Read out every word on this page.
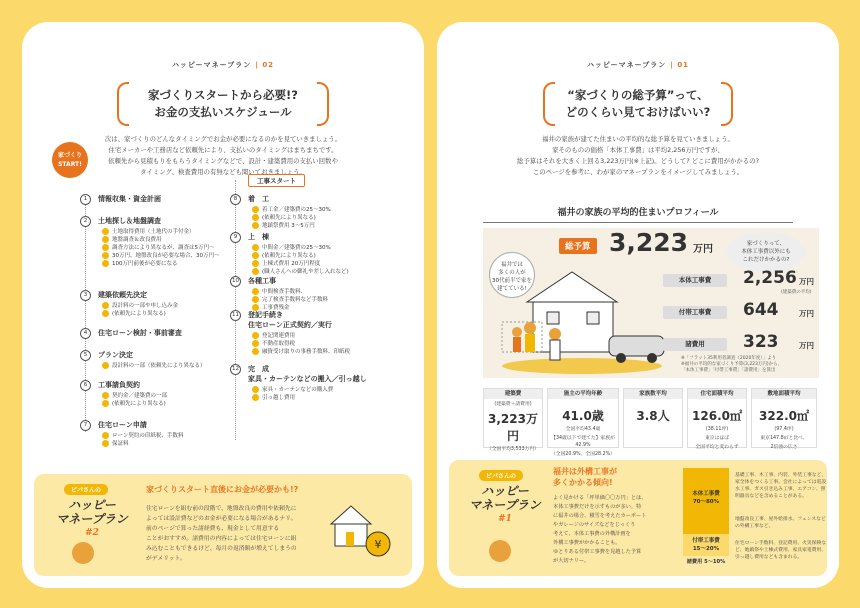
ハッピーマネープラン | 02
家づくりスタートから必要!?
お金の支払いスケジュール
次は、家づくりのどんなタイミングでお金が必要になるのかを見ていきましょう。
住宅メーカーや工務店など依頼先により、支払いのタイミングはまちまちです。
依頼先から見積もりをもらうタイミングなどで、設計・建築費用の支払い回数や
タイミング、検査費用の有無なども聞いておきましょう。
家づくり
START!
1	情報収集・資金計画
2	土地探し＆地盤調査
土地取得費用（土地代の手付金）
地盤調査＆改良費用
調査方法により異なるが、調査は5万円〜
30万円、地盤改良が必要な場合、30万円〜
100万円前後が必要になる
3	建築依頼先決定
設計料の一部や申し込み金
(依頼先により異なる)
4	住宅ローン検討・事前審査
5	プラン決定
設計料の一部（依頼先により異なる）
6	工事請負契約
契約金／建築費の一部
(依頼先により異なる)
7	住宅ローン申請
ローン契約の印紙税、手数料
保証料
工事スタート
8	着　工
着工金／建築費の25〜30%
(依頼先により異なる)
地鎮祭費用 3〜5万円
9	上　棟
中間金／建築費の25〜30%
(依頼先により異なる)
上棟式費用 20万円程度
(職人さんへの御礼や差し入れなど)
10 各種工事
中間検査手数料、
完了検査手数料など手数料
工事費残金
11 登記手続き
住宅ローン正式契約／実行
登記関連費用
不動産取得税
融資受け取りの事務手数料、印紙税
12 完　成
家具・カーテンなどの搬入／引っ越し
家具・カーテンなどの購入費
引っ越し費用
ピパさんの
ハッピー
マネープラン
#2
家づくりスタート直後にお金が必要かも!?
住宅ローンを組む前の段階で、地盤改良の費用や依頼先に
よっては設計費などのお金が必要になる場合があるナリ。
前のページで算った諸経費も、現金として用意する
ことがおすすめ。諸費用の内容によっては住宅ローンに組
み込むこともできるけど、毎月の返済額が増えてしまうの
がデメリット。
¥
ハッピーマネープラン | 01
“家づくりの総予算”って、
どのくらい見ておけばいい?
福井の家族が建てた住まいの平均的な総予算を見ていきましょう。
家そのものの価格「本体工事費」は平均2,256万円ですが、
総予算はそれを大きく上回る3,223万円(※上記)。どうして? どこに費用がかかるの?
このページを参考に、わが家のマネープランをイメージしてみましょう。
福井の家族の平均的住まいプロフィール
総予算 3,223 万円
福井では
多くの人が
30代前半で家を
建てている!
家づくりって、
本体工事費以外にも
これだけかかるの?
本体工事費	2,256 万円
(建築費の平均)
付帯工事費	644	万円
諸費用	323	万円
※「フラット35利用者調査（2020年度）」より
※福井の平均的な家づくり予算(3,223万円)から、
「本体工事費」「付帯工事費」「諸費用」を算出
ピパさんの
ハッピー
マネープラン
#1
福井は外構工事が
多くかかる傾向!
よく見かける「坪単価〇〇万円」とは、
本体工事費だけを示すものが多い。特
に福井の場合、積雪を考えたカーポート
やガレージのサイズなどをじっくり
考えて、本体工事費の外構計画を
外構工事費がかかることも。
ゆとりある付帯工事費を見越した予算
が大切ナリー。
本体工事費
70〜80%
付帯工事費
15〜20%
諸費用 5〜10%
基礎工事、木工事、内装、外装工事など、家全体をつくる工事。会社によっては電設水工事、ガス引き込み工事、エアコン、照明器具などを含めることがある。
地盤改良工事、屋外給排水、フェンスなどの外構工事など。
住宅ローン手数料、登記費用、火災保険など、地鎮祭や上棟式費用、家具家電費用、引っ越し費用なども含まれる。
建築費
(建築費＋諸費用)
3,223万円
（全国平均3,533万円）
施主の平均年齢
41.0歳
全国平均43.4歳
【34歳以下で建てた】家族が42.9%
（全国20.9%、全国28.2%）
家族数平均
3.8人
住宅面積平均
126.0㎡
(38.11坪)
東京はほぼ
全国平均と変わらず
敷地面積平均
322.0㎡
(97.4坪)
東京147.8㎡と比べ、
2倍強の広さ
